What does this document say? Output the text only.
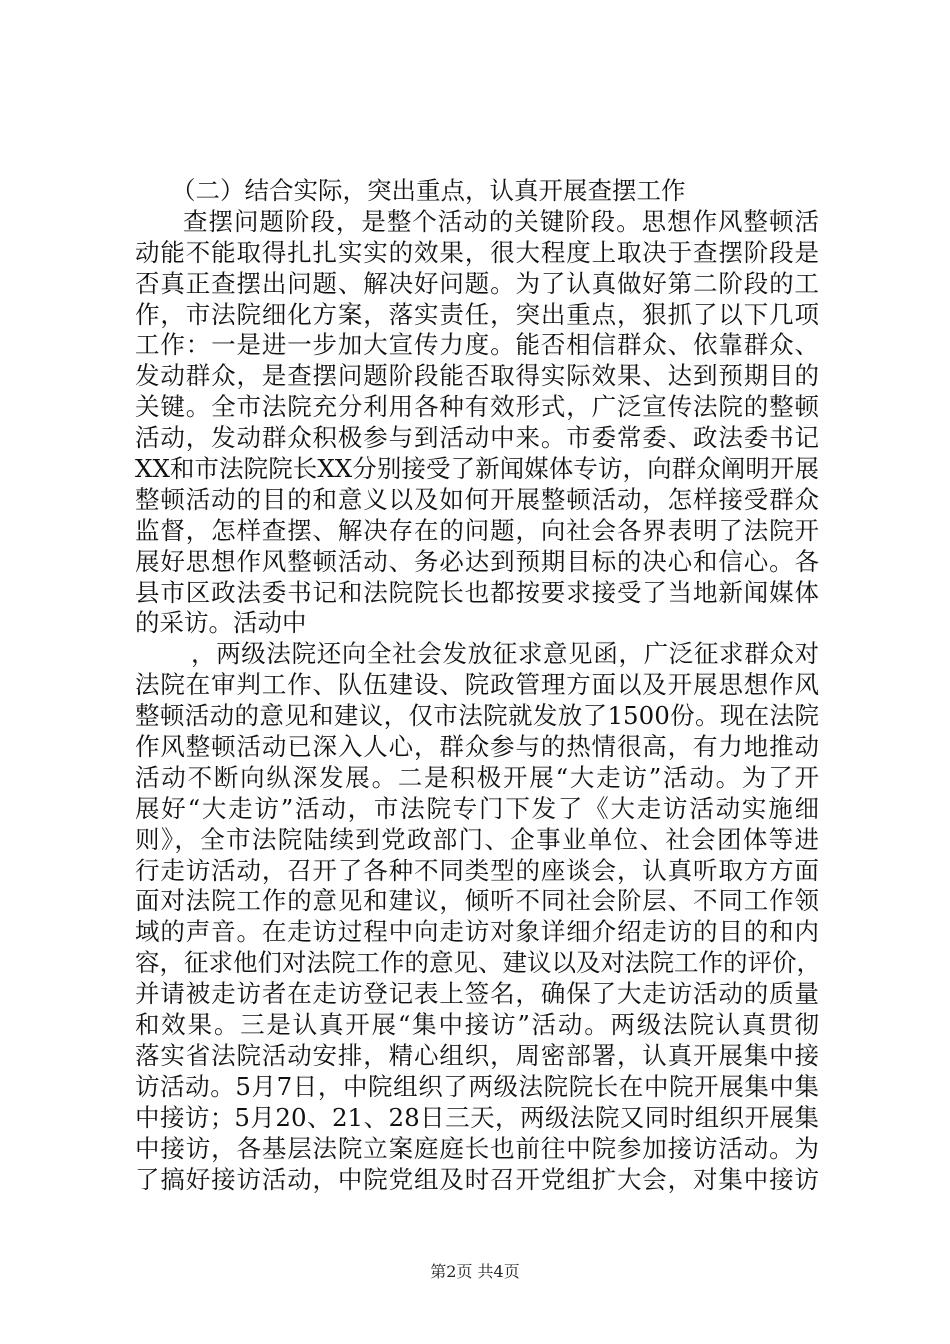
（二）结合实际，突出重点，认真开展查摆工作
查摆问题阶段，是整个活动的关键阶段。思想作风整顿活
动能不能取得扎扎实实的效果，很大程度上取决于查摆阶段是
否真正查摆出问题、解决好问题。为了认真做好第二阶段的工
作，市法院细化方案，落实责任，突出重点，狠抓了以下几项
工作：一是进一步加大宣传力度。能否相信群众、依靠群众、
发动群众，是查摆问题阶段能否取得实际效果、达到预期目的
关键。全市法院充分利用各种有效形式，广泛宣传法院的整顿
活动，发动群众积极参与到活动中来。市委常委、政法委书记
XX和市法院院长XX分别接受了新闻媒体专访，向群众阐明开展
整顿活动的目的和意义以及如何开展整顿活动，怎样接受群众
监督，怎样查摆、解决存在的问题，向社会各界表明了法院开
展好思想作风整顿活动、务必达到预期目标的决心和信心。各
县市区政法委书记和法院院长也都按要求接受了当地新闻媒体
的采访。活动中
，两级法院还向全社会发放征求意见函，广泛征求群众对
法院在审判工作、队伍建设、院政管理方面以及开展思想作风
整顿活动的意见和建议，仅市法院就发放了1500份。现在法院
作风整顿活动已深入人心，群众参与的热情很高，有力地推动
活动不断向纵深发展。二是积极开展“大走访”活动。为了开
展好“大走访”活动，市法院专门下发了《大走访活动实施细
则》，全市法院陆续到党政部门、企事业单位、社会团体等进
行走访活动，召开了各种不同类型的座谈会，认真听取方方面
面对法院工作的意见和建议，倾听不同社会阶层、不同工作领
域的声音。在走访过程中向走访对象详细介绍走访的目的和内
容，征求他们对法院工作的意见、建议以及对法院工作的评价，
并请被走访者在走访登记表上签名，确保了大走访活动的质量
和效果。三是认真开展“集中接访”活动。两级法院认真贯彻
落实省法院活动安排，精心组织，周密部署，认真开展集中接
访活动。5月7日，中院组织了两级法院院长在中院开展集中集
中接访；5月20、21、28日三天，两级法院又同时组织开展集
中接访，各基层法院立案庭庭长也前往中院参加接访活动。为
了搞好接访活动，中院党组及时召开党组扩大会，对集中接访
第2页 共4页
